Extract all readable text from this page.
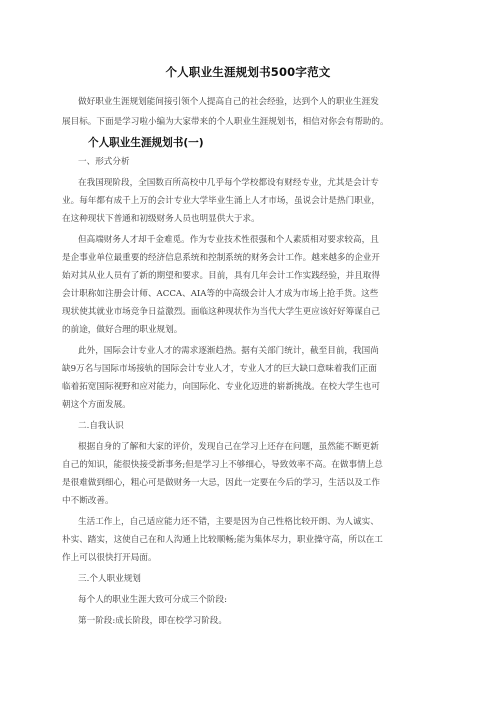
个人职业生涯规划书500字范文
做好职业生涯规划能间接引领个人提高自己的社会经验，达到个人的职业生涯发
展目标。下面是学习啦小编为大家带来的个人职业生涯规划书，相信对你会有帮助的。
个人职业生涯规划书(一)
一、形式分析
在我国现阶段，全国数百所高校中几乎每个学校都设有财经专业，尤其是会计专
业。每年都有成千上万的会计专业大学毕业生涌上人才市场，虽说会计是热门职业，
在这种现状下普通和初级财务人员也明显供大于求。
但高端财务人才却千金难觅。作为专业技术性很强和个人素质相对要求较高，且
是企事业单位最重要的经济信息系统和控制系统的财务会计工作。越来越多的企业开
始对其从业人员有了新的期望和要求。目前，具有几年会计工作实践经验，并且取得
会计职称如注册会计师、ACCA、AIA等的中高级会计人才成为市场上抢手货。这些
现状使其就业市场竞争日益激烈。面临这种现状作为当代大学生更应该好好筹谋自己
的前途，做好合理的职业规划。
此外，国际会计专业人才的需求逐渐趋热。据有关部门统计，截至目前，我国尚
缺9万名与国际市场接轨的国际会计专业人才，专业人才的巨大缺口意味着我们正面
临着拓宽国际视野和应对能力，向国际化、专业化迈进的崭新挑战。在校大学生也可
朝这个方面发展。
二.自我认识
根据自身的了解和大家的评价，发现自己在学习上还存在问题，虽然能不断更新
自己的知识，能很快接受新事务;但是学习上不够细心，导致效率不高。在做事情上总
是很难做到细心，粗心可是做财务一大忌，因此一定要在今后的学习，生活以及工作
中不断改善。
生活工作上，自己适应能力还不错，主要是因为自己性格比较开朗、为人诚实、
朴实、踏实，这使自己在和人沟通上比较顺畅;能为集体尽力，职业操守高，所以在工
作上可以很快打开局面。
三.个人职业规划
每个人的职业生涯大致可分成三个阶段:
第一阶段:成长阶段，即在校学习阶段。
